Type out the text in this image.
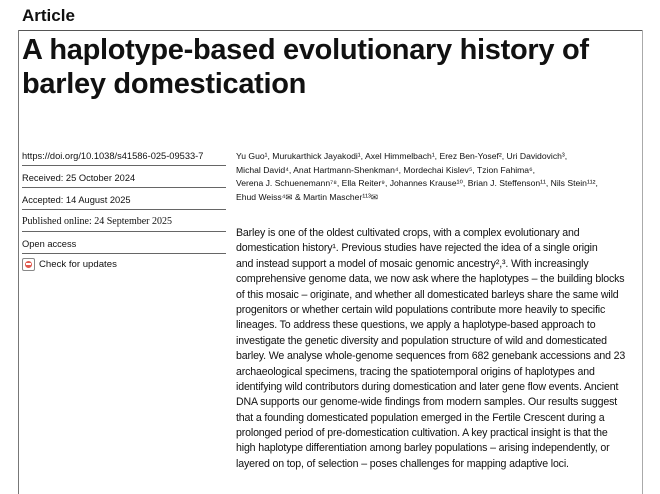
Article
A haplotype-based evolutionary history of
barley domestication
https://doi.org/10.1038/s41586-025-09533-7
Received: 25 October 2024
Accepted: 14 August 2025
Published online: 24 September 2025
Open access
Check for updates
Yu Guo¹, Murukarthick Jayakodi¹, Axel Himmelbach¹, Erez Ben-Yosef², Uri Davidovich³,
Michal David⁴, Anat Hartmann-Shenkman⁴, Mordechai Kislev⁵, Tzion Fahima⁶,
Verena J. Schuenemann⁷⁸, Ella Reiter⁹, Johannes Krause¹⁰, Brian J. Steffenson¹¹, Nils Stein¹¹²,
Ehud Weiss⁴✉ & Martin Mascher¹¹³✉
Barley is one of the oldest cultivated crops, with a complex evolutionary and
domestication history¹. Previous studies have rejected the idea of a single origin
and instead support a model of mosaic genomic ancestry²,³. With increasingly
comprehensive genome data, we now ask where the haplotypes – the building blocks
of this mosaic – originate, and whether all domesticated barleys share the same wild
progenitors or whether certain wild populations contribute more heavily to specific
lineages. To address these questions, we apply a haplotype-based approach to
investigate the genetic diversity and population structure of wild and domesticated
barley. We analyse whole-genome sequences from 682 genebank accessions and 23
archaeological specimens, tracing the spatiotemporal origins of haplotypes and
identifying wild contributors during domestication and later gene flow events. Ancient
DNA supports our genome-wide findings from modern samples. Our results suggest
that a founding domesticated population emerged in the Fertile Crescent during a
prolonged period of pre-domestication cultivation. A key practical insight is that the
high haplotype differentiation among barley populations – arising independently, or
layered on top, of selection – poses challenges for mapping adaptive loci.
